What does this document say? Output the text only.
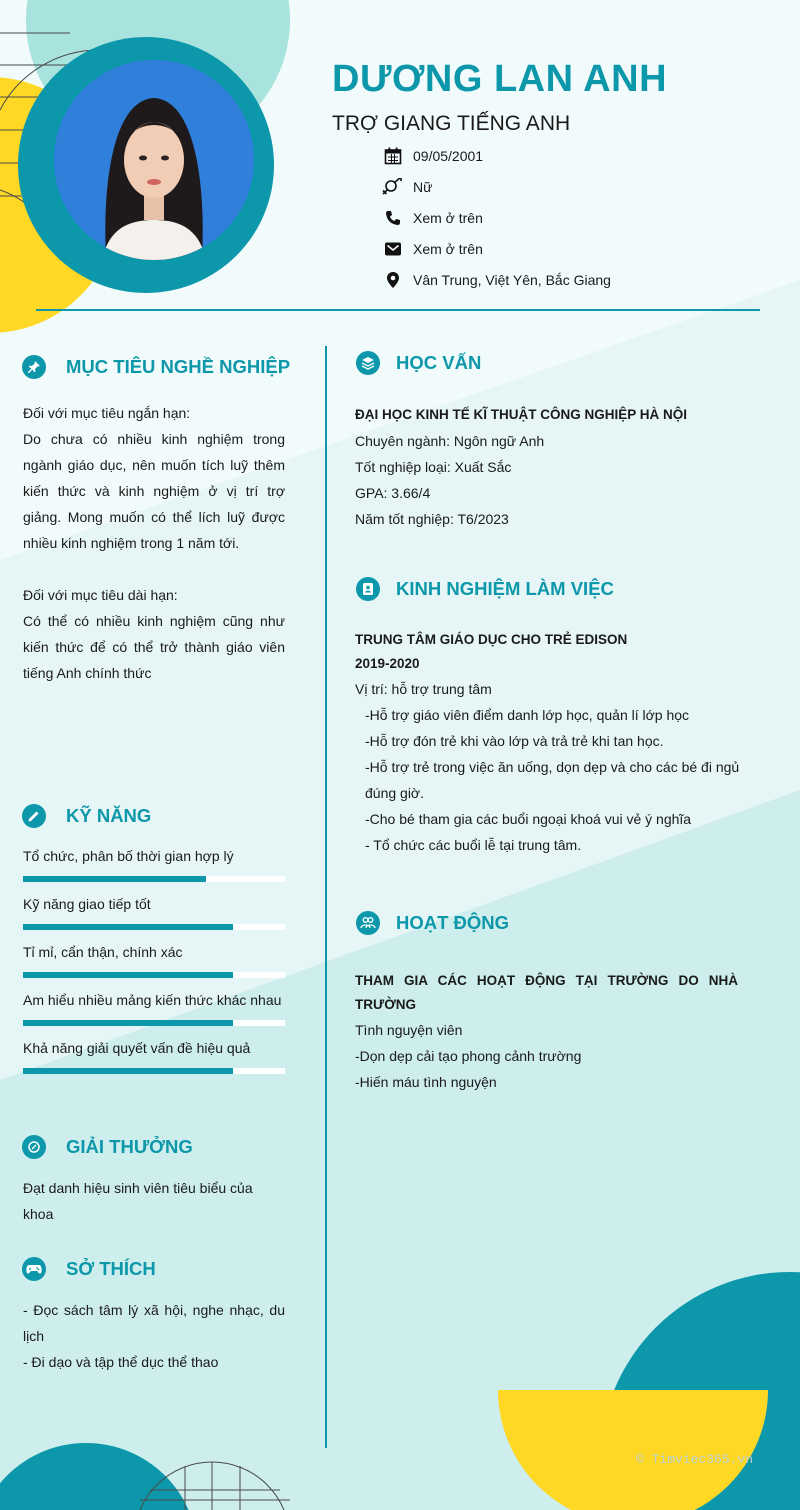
DƯƠNG LAN ANH
TRỢ GIANG TIẾNG ANH
09/05/2001
Nữ
Xem ở trên
Xem ở trên
Vân Trung, Việt Yên, Bắc Giang
MỤC TIÊU NGHỀ NGHIỆP
Đối với mục tiêu ngắn hạn:
Do chưa có nhiều kinh nghiệm trong ngành giáo dục, nên muốn tích luỹ thêm kiến thức và kinh nghiệm ở vị trí trợ giảng. Mong muốn có thể lích luỹ được nhiều kinh nghiệm trong 1 năm tới.
Đối với mục tiêu dài hạn:
Có thể có nhiều kinh nghiệm cũng như kiến thức để có thể trở thành giáo viên tiếng Anh chính thức
KỸ NĂNG
Tổ chức, phân bố thời gian hợp lý
Kỹ năng giao tiếp tốt
Tỉ mỉ, cẩn thận, chính xác
Am hiểu nhiều mảng kiến thức khác nhau
Khả năng giải quyết vấn đề hiệu quả
GIẢI THƯỞNG
Đạt danh hiệu sinh viên tiêu biểu của khoa
SỞ THÍCH
- Đọc sách tâm lý xã hội, nghe nhạc, du lịch
- Đi dạo và tập thể dục thể thao
HỌC VẤN
ĐẠI HỌC KINH TẾ KĨ THUẬT CÔNG NGHIỆP HÀ NỘI
Chuyên ngành: Ngôn ngữ Anh
Tốt nghiệp loại: Xuất Sắc
GPA: 3.66/4
Năm tốt nghiệp: T6/2023
KINH NGHIỆM LÀM VIỆC
TRUNG TÂM GIÁO DỤC CHO TRẺ EDISON
2019-2020
Vị trí: hỗ trợ trung tâm
-Hỗ trợ giáo viên điểm danh lớp học, quản lí lớp học
-Hỗ trợ đón trẻ khi vào lớp và trả trẻ khi tan học.
-Hỗ trợ trẻ trong việc ăn uống, dọn dẹp và cho các bé đi ngủ đúng giờ.
-Cho bé tham gia các buổi ngoại khoá vui vẻ ý nghĩa
- Tổ chức các buổi lễ tại trung tâm.
HOẠT ĐỘNG
THAM GIA CÁC HOẠT ĐỘNG TẠI TRƯỜNG DO NHÀ TRƯỜNG
Tình nguyện viên
-Dọn dẹp cải tạo phong cảnh trường
-Hiến máu tình nguyện
© Timviec365.vn
